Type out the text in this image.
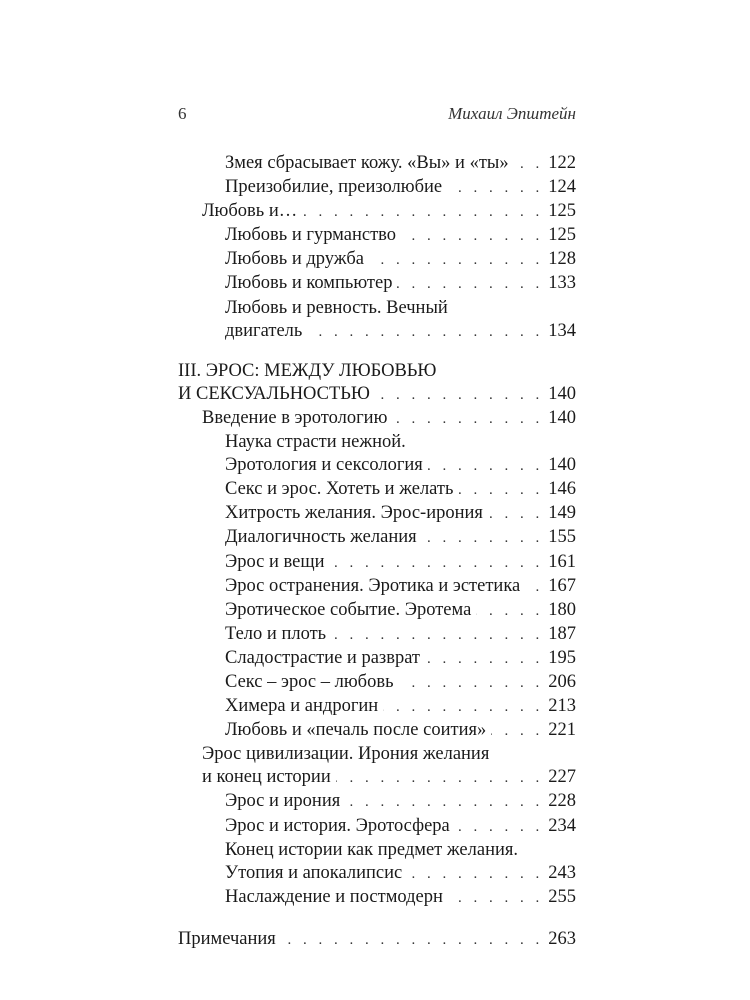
6	Михаил Эпштейн
Змея сбрасывает кожу. «Вы» и «ты» . . . 122
Преизобилие, преизолюбие . . .	124
Любовь и… . . .	125
Любовь и гурманство . . .	125
Любовь и дружба . . .	128
Любовь и компьютер . . .	133
Любовь и ревность. Вечный
двигатель . . .	134
III. ЭРОС: МЕЖДУ ЛЮБОВЬЮ
И СЕКСУАЛЬНОСТЬЮ . . .	140
Введение в эротологию . . .	140
Наука страсти нежной.
Эротология и сексология . . .	140
Секс и эрос. Хотеть и желать . . .	146
Хитрость желания. Эрос-ирония . . .	149
Диалогичность желания . . .	155
Эрос и вещи . . .	161
Эрос остранения. Эротика и эстетика . . . 167
Эротическое событие. Эротема . . .	180
Тело и плоть . . .	187
Сладострастие и разврат . . .	195
Секс – эрос – любовь . . .	206
Химера и андрогин . . .	213
Любовь и «печаль после соития» . . .	221
Эрос цивилизации. Ирония желания
и конец истории . . .	227
Эрос и ирония . . .	228
Эрос и история. Эротосфера . . .	234
Конец истории как предмет желания.
Утопия и апокалипсис . . .	243
Наслаждение и постмодерн . . .	255
Примечания . . .	263
